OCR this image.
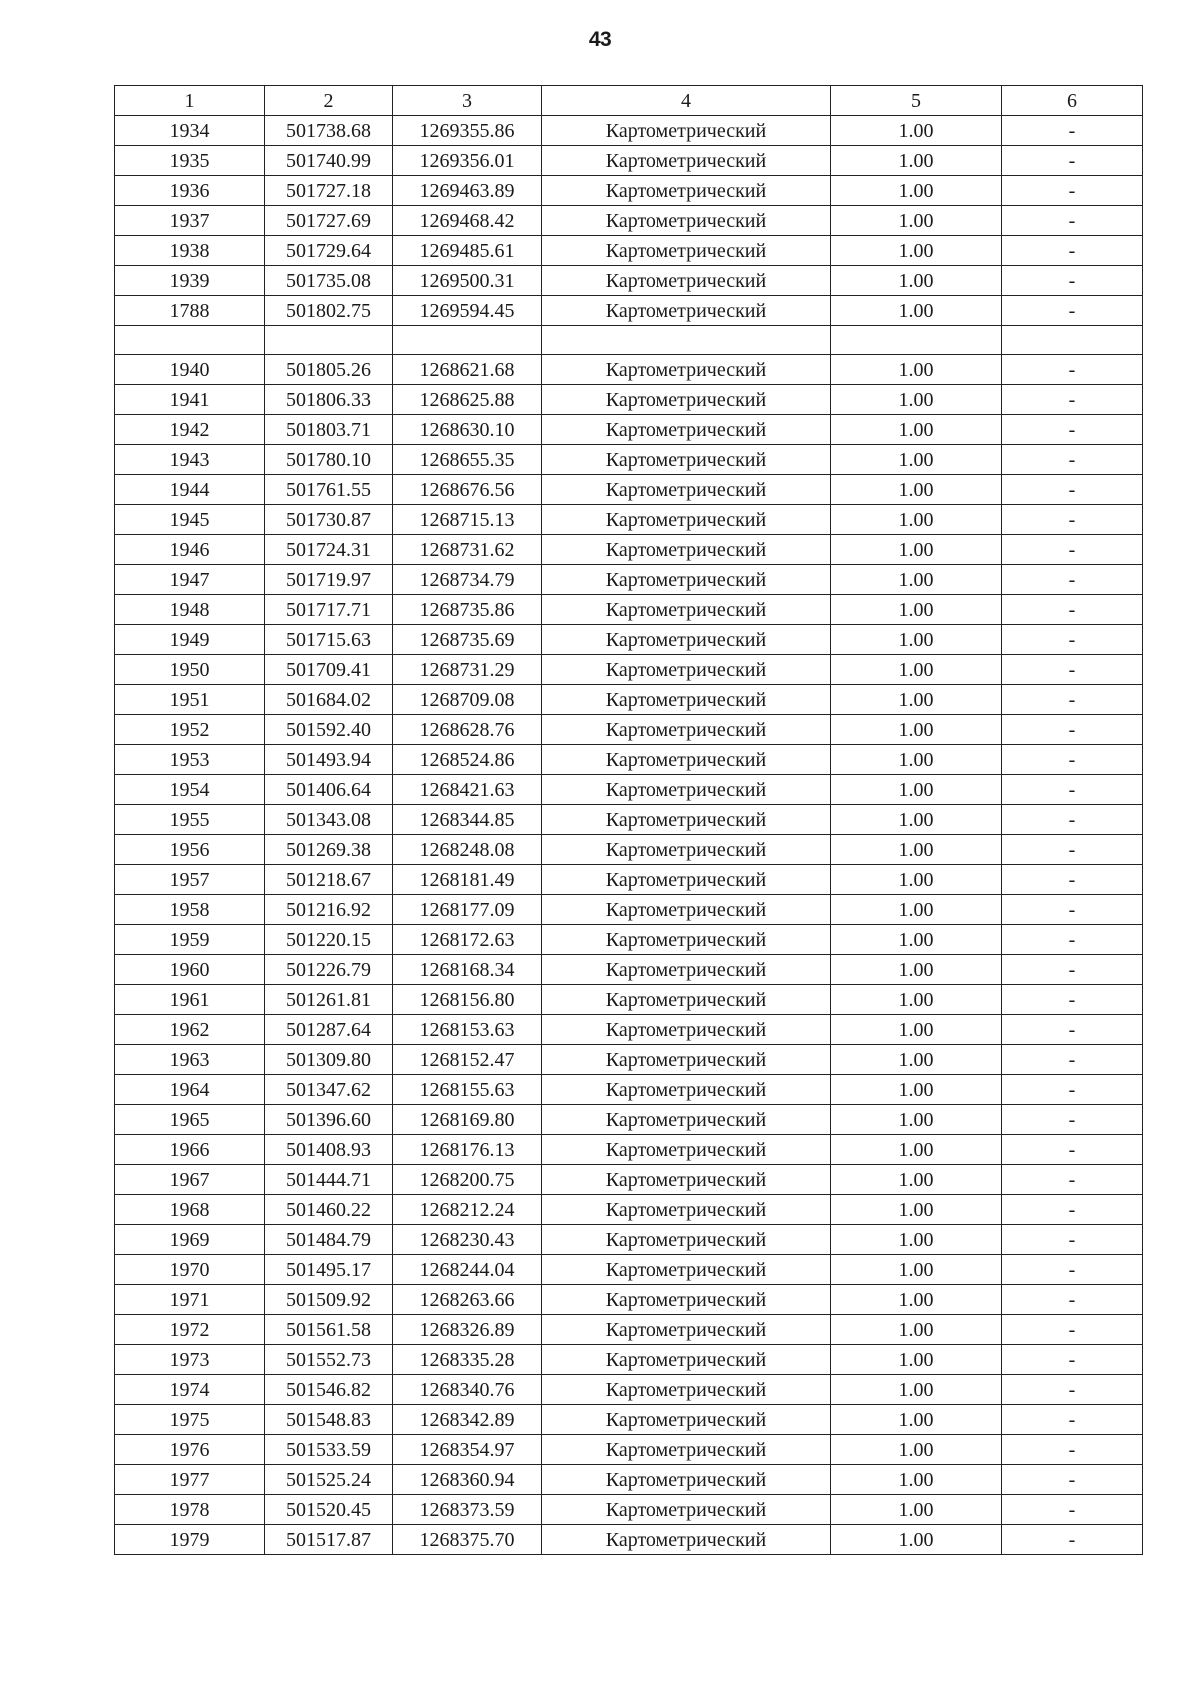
43
1	2	3	4	5	6
1934	501738.68	1269355.86	Картометрический	1.00	-
1935	501740.99	1269356.01	Картометрический	1.00	-
1936	501727.18	1269463.89	Картометрический	1.00	-
1937	501727.69	1269468.42	Картометрический	1.00	-
1938	501729.64	1269485.61	Картометрический	1.00	-
1939	501735.08	1269500.31	Картометрический	1.00	-
1788	501802.75	1269594.45	Картометрический	1.00	-

1940	501805.26	1268621.68	Картометрический	1.00	-
1941	501806.33	1268625.88	Картометрический	1.00	-
1942	501803.71	1268630.10	Картометрический	1.00	-
1943	501780.10	1268655.35	Картометрический	1.00	-
1944	501761.55	1268676.56	Картометрический	1.00	-
1945	501730.87	1268715.13	Картометрический	1.00	-
1946	501724.31	1268731.62	Картометрический	1.00	-
1947	501719.97	1268734.79	Картометрический	1.00	-
1948	501717.71	1268735.86	Картометрический	1.00	-
1949	501715.63	1268735.69	Картометрический	1.00	-
1950	501709.41	1268731.29	Картометрический	1.00	-
1951	501684.02	1268709.08	Картометрический	1.00	-
1952	501592.40	1268628.76	Картометрический	1.00	-
1953	501493.94	1268524.86	Картометрический	1.00	-
1954	501406.64	1268421.63	Картометрический	1.00	-
1955	501343.08	1268344.85	Картометрический	1.00	-
1956	501269.38	1268248.08	Картометрический	1.00	-
1957	501218.67	1268181.49	Картометрический	1.00	-
1958	501216.92	1268177.09	Картометрический	1.00	-
1959	501220.15	1268172.63	Картометрический	1.00	-
1960	501226.79	1268168.34	Картометрический	1.00	-
1961	501261.81	1268156.80	Картометрический	1.00	-
1962	501287.64	1268153.63	Картометрический	1.00	-
1963	501309.80	1268152.47	Картометрический	1.00	-
1964	501347.62	1268155.63	Картометрический	1.00	-
1965	501396.60	1268169.80	Картометрический	1.00	-
1966	501408.93	1268176.13	Картометрический	1.00	-
1967	501444.71	1268200.75	Картометрический	1.00	-
1968	501460.22	1268212.24	Картометрический	1.00	-
1969	501484.79	1268230.43	Картометрический	1.00	-
1970	501495.17	1268244.04	Картометрический	1.00	-
1971	501509.92	1268263.66	Картометрический	1.00	-
1972	501561.58	1268326.89	Картометрический	1.00	-
1973	501552.73	1268335.28	Картометрический	1.00	-
1974	501546.82	1268340.76	Картометрический	1.00	-
1975	501548.83	1268342.89	Картометрический	1.00	-
1976	501533.59	1268354.97	Картометрический	1.00	-
1977	501525.24	1268360.94	Картометрический	1.00	-
1978	501520.45	1268373.59	Картометрический	1.00	-
1979	501517.87	1268375.70	Картометрический	1.00	-
